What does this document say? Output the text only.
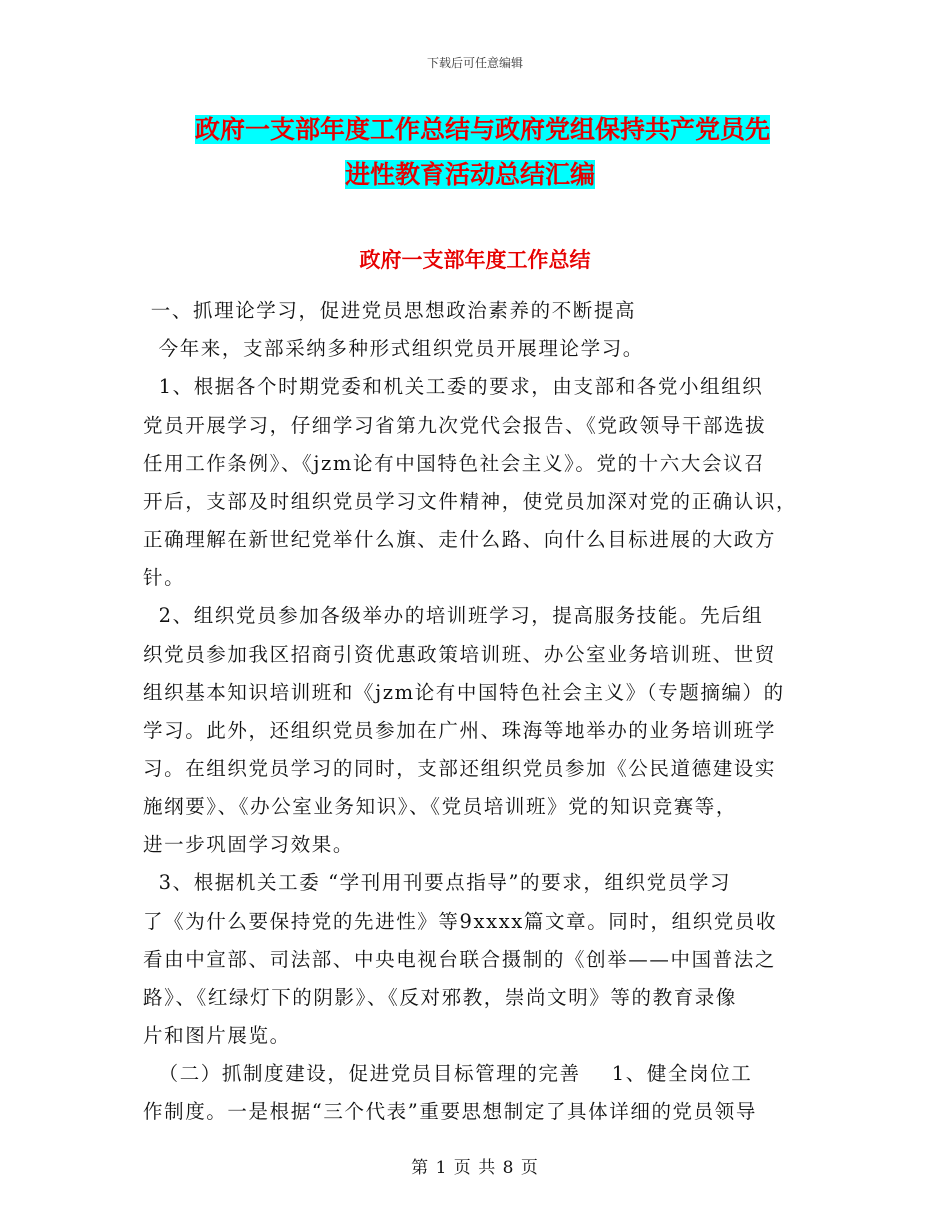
下载后可任意编辑
政府一支部年度工作总结与政府党组保持共产党员先
进性教育活动总结汇编
政府一支部年度工作总结
一、抓理论学习，促进党员思想政治素养的不断提高
今年来，支部采纳多种形式组织党员开展理论学习。
1、根据各个时期党委和机关工委的要求，由支部和各党小组组织
党员开展学习，仔细学习省第九次党代会报告、《党政领导干部选拔
任用工作条例》、《jzm论有中国特色社会主义》。党的十六大会议召
开后，支部及时组织党员学习文件精神，使党员加深对党的正确认识，
正确理解在新世纪党举什么旗、走什么路、向什么目标进展的大政方
针。
2、组织党员参加各级举办的培训班学习，提高服务技能。先后组
织党员参加我区招商引资优惠政策培训班、办公室业务培训班、世贸
组织基本知识培训班和《jzm论有中国特色社会主义》（专题摘编）的
学习。此外，还组织党员参加在广州、珠海等地举办的业务培训班学
习。在组织党员学习的同时，支部还组织党员参加《公民道德建设实
施纲要》、《办公室业务知识》、《党员培训班》党的知识竞赛等，
进一步巩固学习效果。
3、根据机关工委 “学刊用刊要点指导”的要求，组织党员学习
了《为什么要保持党的先进性》等9xxxx篇文章。同时，组织党员收
看由中宣部、司法部、中央电视台联合摄制的《创举——中国普法之
路》、《红绿灯下的阴影》、《反对邪教，崇尚文明》等的教育录像
片和图片展览。
（二）抓制度建设，促进党员目标管理的完善    1、健全岗位工
作制度。一是根据“三个代表”重要思想制定了具体详细的党员领导
第 1 页 共 8 页
